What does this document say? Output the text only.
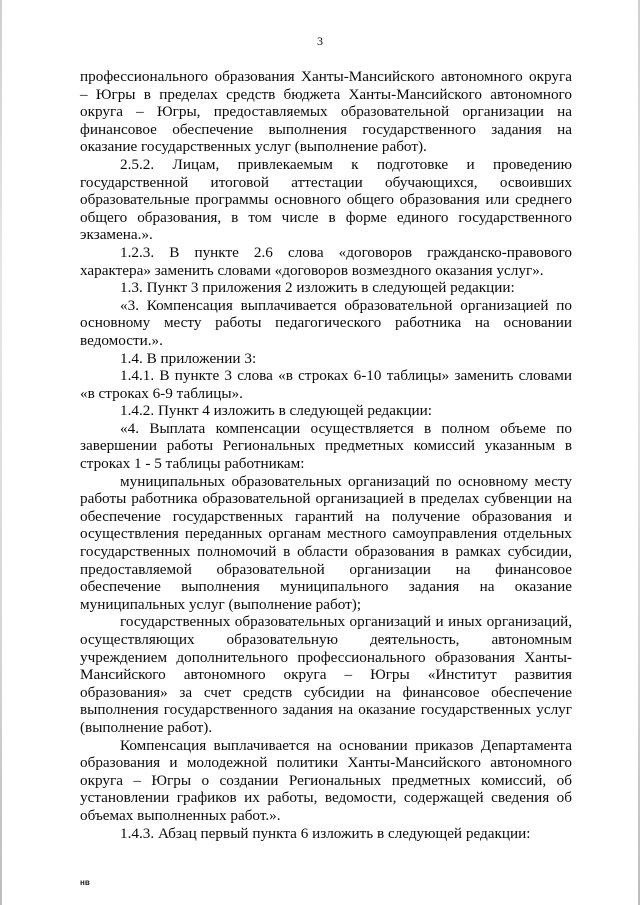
3

профессионального образования Ханты-Мансийского автономного округа – Югры в пределах средств бюджета Ханты-Мансийского автономного округа – Югры, предоставляемых образовательной организации на финансовое обеспечение выполнения государственного задания на оказание государственных услуг (выполнение работ).

2.5.2. Лицам, привлекаемым к подготовке и проведению государственной итоговой аттестации обучающихся, освоивших образовательные программы основного общего образования или среднего общего образования, в том числе в форме единого государственного экзамена.».

1.2.3. В пункте 2.6 слова «договоров гражданско-правового характера» заменить словами «договоров возмездного оказания услуг».

1.3. Пункт 3 приложения 2 изложить в следующей редакции:

«3. Компенсация выплачивается образовательной организацией по основному месту работы педагогического работника на основании ведомости.».

1.4. В приложении 3:

1.4.1. В пункте 3 слова «в строках 6-10 таблицы» заменить словами «в строках 6-9 таблицы».

1.4.2. Пункт 4 изложить в следующей редакции:

«4. Выплата компенсации осуществляется в полном объеме по завершении работы Региональных предметных комиссий указанным в строках 1 - 5 таблицы работникам:

муниципальных образовательных организаций по основному месту работы работника образовательной организацией в пределах субвенции на обеспечение государственных гарантий на получение образования и осуществления переданных органам местного самоуправления отдельных государственных полномочий в области образования в рамках субсидии, предоставляемой образовательной организации на финансовое обеспечение выполнения муниципального задания на оказание муниципальных услуг (выполнение работ);

государственных образовательных организаций и иных организаций, осуществляющих образовательную деятельность, автономным учреждением дополнительного профессионального образования Ханты-Мансийского автономного округа – Югры «Институт развития образования» за счет средств субсидии на финансовое обеспечение выполнения государственного задания на оказание государственных услуг (выполнение работ).

Компенсация выплачивается на основании приказов Департамента образования и молодежной политики Ханты-Мансийского автономного округа – Югры о создании Региональных предметных комиссий, об установлении графиков их работы, ведомости, содержащей сведения об объемах выполненных работ.».

1.4.3. Абзац первый пункта 6 изложить в следующей редакции:

нв
